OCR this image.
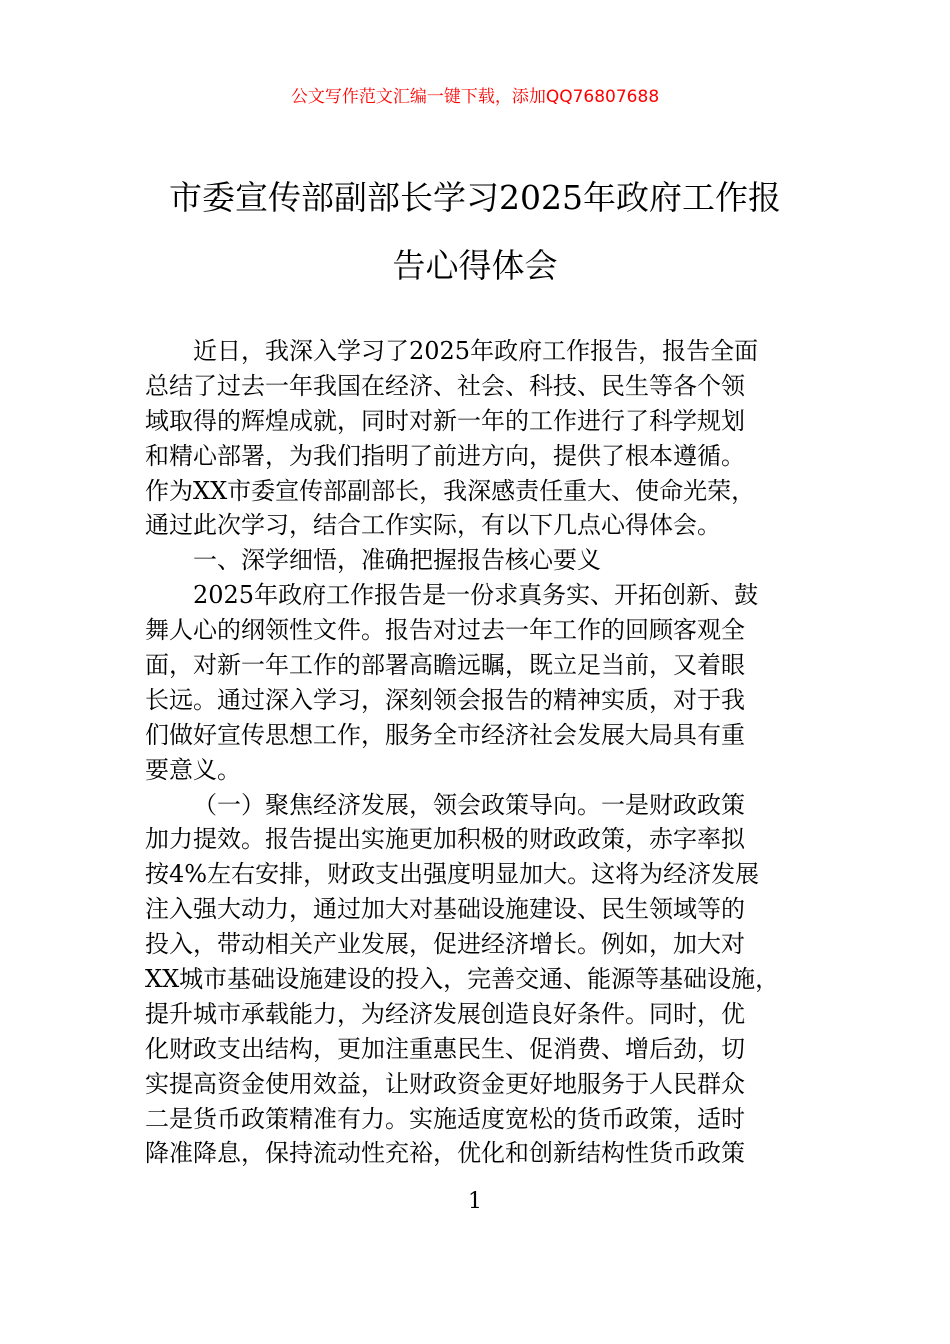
公文写作范文汇编一键下载，添加QQ76807688
市委宣传部副部长学习2025年政府工作报
告心得体会
近日，我深入学习了2025年政府工作报告，报告全面
总结了过去一年我国在经济、社会、科技、民生等各个领
域取得的辉煌成就，同时对新一年的工作进行了科学规划
和精心部署，为我们指明了前进方向，提供了根本遵循。
作为XX市委宣传部副部长，我深感责任重大、使命光荣，
通过此次学习，结合工作实际，有以下几点心得体会。
一、深学细悟，准确把握报告核心要义
2025年政府工作报告是一份求真务实、开拓创新、鼓
舞人心的纲领性文件。报告对过去一年工作的回顾客观全
面，对新一年工作的部署高瞻远瞩，既立足当前，又着眼
长远。通过深入学习，深刻领会报告的精神实质，对于我
们做好宣传思想工作，服务全市经济社会发展大局具有重
要意义。
（一）聚焦经济发展，领会政策导向。一是财政政策
加力提效。报告提出实施更加积极的财政政策，赤字率拟
按4%左右安排，财政支出强度明显加大。这将为经济发展
注入强大动力，通过加大对基础设施建设、民生领域等的
投入，带动相关产业发展，促进经济增长。例如，加大对
XX城市基础设施建设的投入，完善交通、能源等基础设施，
提升城市承载能力，为经济发展创造良好条件。同时，优
化财政支出结构，更加注重惠民生、促消费、增后劲，切
实提高资金使用效益，让财政资金更好地服务于人民群众
二是货币政策精准有力。实施适度宽松的货币政策，适时
降准降息，保持流动性充裕，优化和创新结构性货币政策
1
